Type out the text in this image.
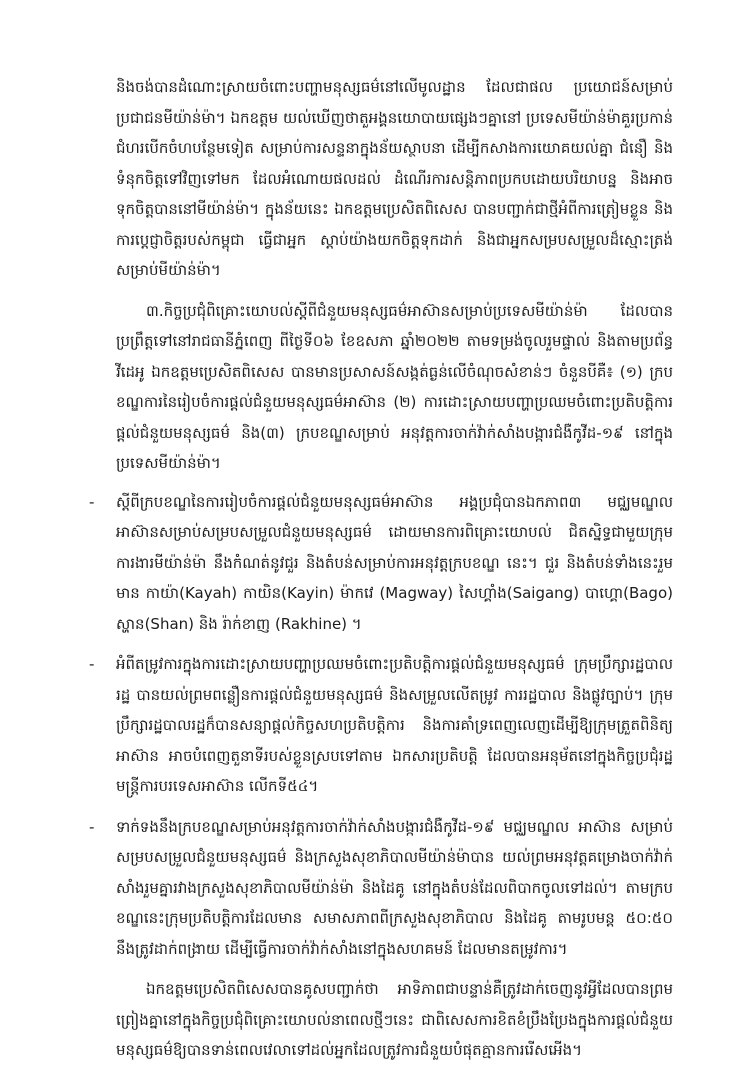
និងចង់បានដំណោះស្រាយចំពោះបញ្ហាមនុស្សធម៌នៅលើមូលដ្ឋាន ដែលជាផល ប្រយោជន៍សម្រាប់ប្រជាជនមីយ៉ាន់ម៉ា។ ឯកឧត្តម យល់ឃើញថាតួអង្គនយោបាយផ្សេងៗគ្នានៅ ប្រទេសមីយ៉ាន់ម៉ាគួរប្រកាន់ជំហរបើកចំហបន្ថែមទៀត សម្រាប់ការសន្ទនាក្នុងន័យស្ថាបនា ដើម្បីកសាងការយោគយល់គ្នា ជំនឿ និងទំនុកចិត្តទៅវិញទៅមក ដែលអំណោយផលដល់ ដំណើរការសន្តិភាពប្រកបដោយបរិយាបន្ន និងអាចទុកចិត្តបាននៅមីយ៉ាន់ម៉ា។ ក្នុងន័យនេះ ឯកឧត្តមប្រេសិតពិសេស បានបញ្ជាក់ជាថ្មីអំពីការត្រៀមខ្លួន និងការប្តេជ្ញាចិត្តរបស់កម្ពុជា ធ្វើជាអ្នក ស្តាប់យ៉ាងយកចិត្តទុកដាក់ និងជាអ្នកសម្របសម្រួលដ៏ស្មោះត្រង់សម្រាប់មីយ៉ាន់ម៉ា។

៣.កិច្ចប្រជុំពិគ្រោះយោបល់ស្តីពីជំនួយមនុស្សធម៌អាស៊ានសម្រាប់ប្រទេសមីយ៉ាន់ម៉ា ដែលបានប្រព្រឹត្តទៅនៅរាជធានីភ្នំពេញ ពីថ្ងៃទី០៦ ខែឧសភា ឆ្នាំ២០២២ តាមទម្រង់ចូលរួមផ្ទាល់ និងតាមប្រព័ន្ធវីដេអូ ឯកឧត្តមប្រេសិតពិសេស បានមានប្រសាសន៍សង្កត់ធ្ងន់លើចំណុចសំខាន់ៗ ចំនួនបីគឺ៖ (១) ក្របខណ្ឌការនៃរៀបចំការផ្តល់ជំនួយមនុស្សធម៌អាស៊ាន (២) ការដោះស្រាយបញ្ហាប្រឈមចំពោះប្រតិបត្តិការផ្តល់ជំនួយមនុស្សធម៌ និង(៣) ក្របខណ្ឌសម្រាប់ អនុវត្តការចាក់វ៉ាក់សាំងបង្ការជំងឺកូវីដ-១៩ នៅក្នុងប្រទេសមីយ៉ាន់ម៉ា។

-	ស្តីពីក្របខណ្ឌនៃការរៀបចំការផ្តល់ជំនួយមនុស្សធម៌អាស៊ាន អង្គប្រជុំបានឯកភាព៣ មជ្ឈមណ្ឌលអាស៊ានសម្រាប់សម្របសម្រួលជំនួយមនុស្សធម៌ ដោយមានការពិគ្រោះយោបល់ ជិតស្និទ្ធជាមួយក្រុមការងារមីយ៉ាន់ម៉ា នឹងកំណត់នូវជួរ និងតំបន់សម្រាប់ការអនុវត្តក្របខណ្ឌ នេះ។ ជួរ និងតំបន់ទាំងនេះរួមមាន កាយ៉ា(Kayah) កាយិន(Kayin) ម៉ាកវេ (Magway) សៃហ្គាំង(Saigang) បាហ្គោ(Bago) ស្ហាន(Shan) និង រ៉ាក់ខាញ (Rakhine) ។

-	អំពីតម្រូវការក្នុងការដោះស្រាយបញ្ហាប្រឈមចំពោះប្រតិបត្តិការផ្តល់ជំនួយមនុស្សធម៌ ក្រុមប្រឹក្សារដ្ឋបាលរដ្ឋ បានយល់ព្រមពន្លឿនការផ្តល់ជំនួយមនុស្សធម៌ និងសម្រួលលើតម្រូវ ការរដ្ឋបាល និងផ្លូវច្បាប់។ ក្រុមប្រឹក្សារដ្ឋបាលរដ្ឋក៏បានសន្យាផ្តល់កិច្ចសហប្រតិបត្តិការ និងការគាំទ្រពេញលេញដើម្បីឱ្យក្រុមត្រួតពិនិត្យអាស៊ាន អាចបំពេញតួនាទីរបស់ខ្លួនស្របទៅតាម ឯកសារប្រតិបត្តិ ដែលបានអនុម័តនៅក្នុងកិច្ចប្រជុំរដ្ឋមន្ត្រីការបរទេសអាស៊ាន លើកទី៥៤។

-	ទាក់ទងនឹងក្របខណ្ឌសម្រាប់អនុវត្តការចាក់វ៉ាក់សាំងបង្ការជំងឺកូវីដ-១៩ មជ្ឈមណ្ឌល អាស៊ាន សម្រាប់សម្របសម្រួលជំនួយមនុស្សធម៌ និងក្រសួងសុខាភិបាលមីយ៉ាន់ម៉ាបាន យល់ព្រមអនុវត្តគម្រោងចាក់វ៉ាក់សាំងរួមគ្នារវាងក្រសួងសុខាភិបាលមីយ៉ាន់ម៉ា និងដៃគូ នៅក្នុងតំបន់ដែលពិបាកចូលទៅដល់។ តាមក្របខណ្ឌនេះក្រុមប្រតិបត្តិការដែលមាន សមាសភាពពីក្រសួងសុខាភិបាល និងដៃគូ តាមរូបមន្ត ៥០:៥០ នឹងត្រូវដាក់ពង្រាយ ដើម្បីធ្វើការចាក់វ៉ាក់សាំងនៅក្នុងសហគមន៍ ដែលមានតម្រូវការ។

ឯកឧត្តមប្រេសិតពិសេសបានគូសបញ្ជាក់ថា អាទិភាពជាបន្ទាន់គឺត្រូវដាក់ចេញនូវអ្វីដែលបានព្រមព្រៀងគ្នានៅក្នុងកិច្ចប្រជុំពិគ្រោះយោបល់នាពេលថ្មីៗនេះ ជាពិសេសការខិតខំប្រឹងប្រែងក្នុងការផ្តល់ជំនួយមនុស្សធម៌ឱ្យបានទាន់ពេលវេលាទៅដល់អ្នកដែលត្រូវការជំនួយបំផុតគ្មានការរើសអើង។
